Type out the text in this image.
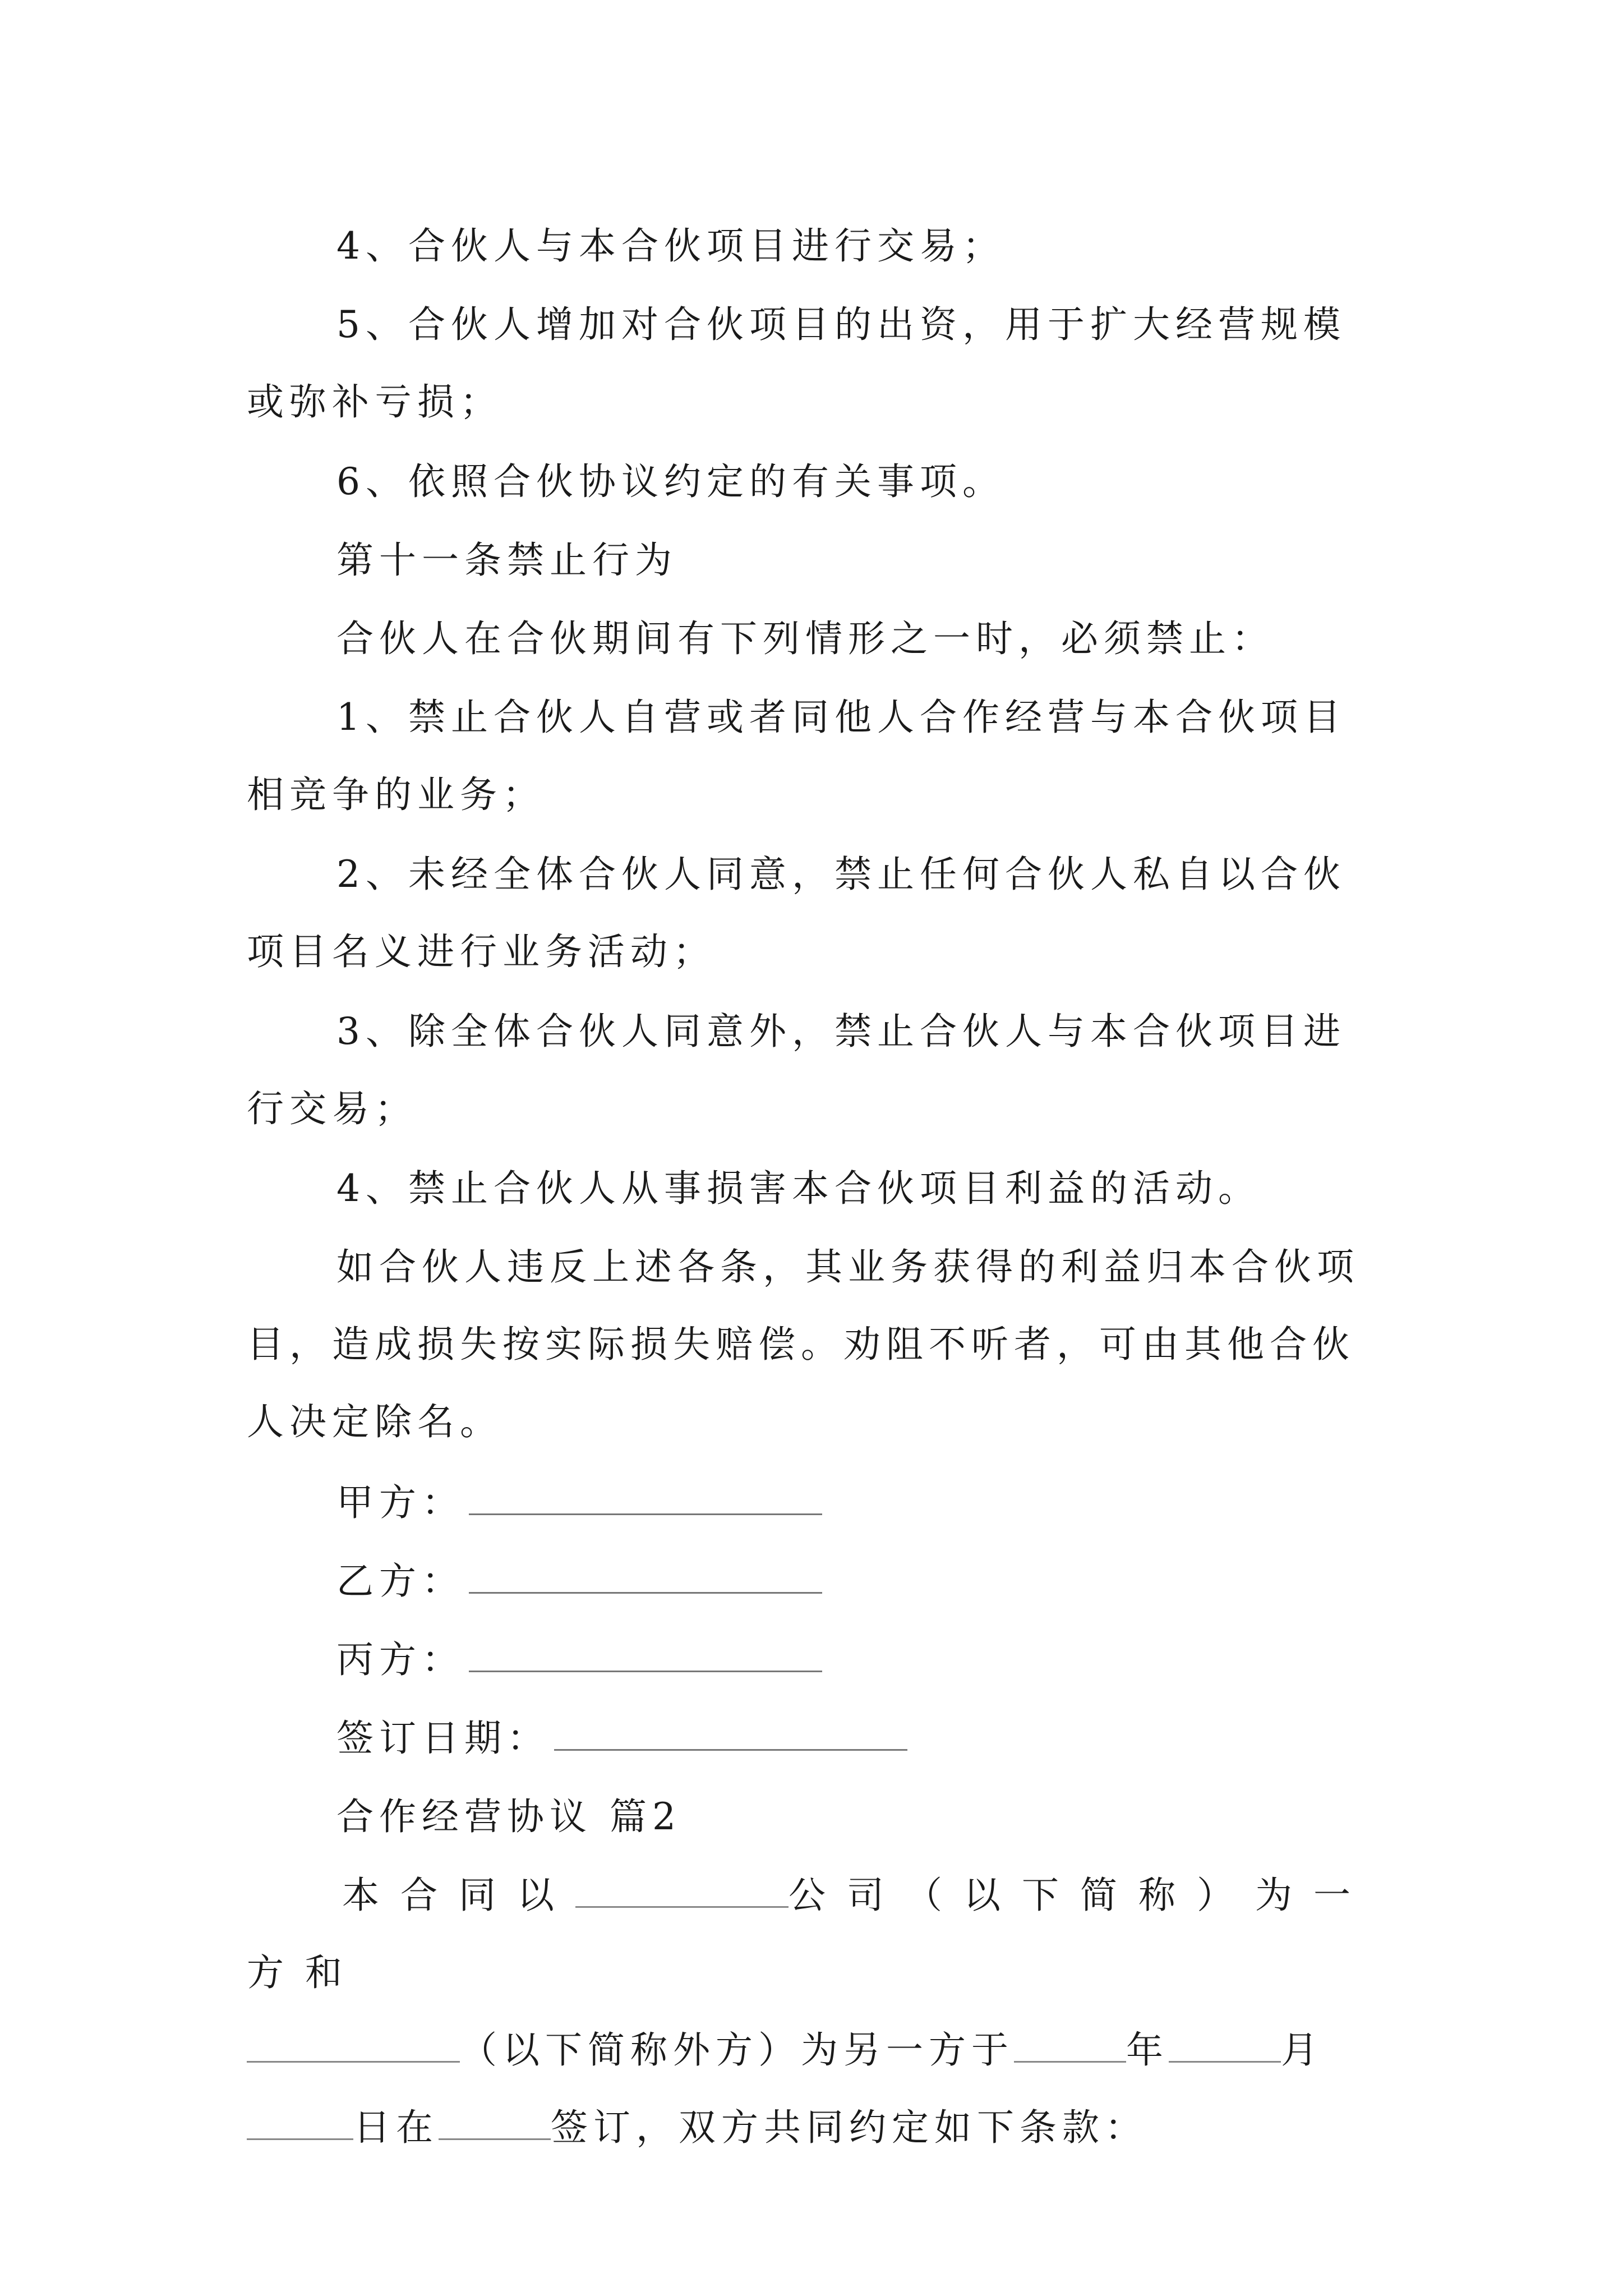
4、合伙人与本合伙项目进行交易；

5、合伙人增加对合伙项目的出资，用于扩大经营规模或弥补亏损；

6、依照合伙协议约定的有关事项。

第十一条禁止行为

合伙人在合伙期间有下列情形之一时，必须禁止：

1、禁止合伙人自营或者同他人合作经营与本合伙项目相竞争的业务；

2、未经全体合伙人同意，禁止任何合伙人私自以合伙项目名义进行业务活动；

3、除全体合伙人同意外，禁止合伙人与本合伙项目进行交易；

4、禁止合伙人从事损害本合伙项目利益的活动。

如合伙人违反上述各条，其业务获得的利益归本合伙项目，造成损失按实际损失赔偿。劝阻不听者，可由其他合伙人决定除名。

甲方：

乙方：

丙方：

签订日期：

合作经营协议 篇2

本合同以	公司（以下简称）为一方和
（以下简称外方）为另一方于	年	月
日在	签订，双方共同约定如下条款：
